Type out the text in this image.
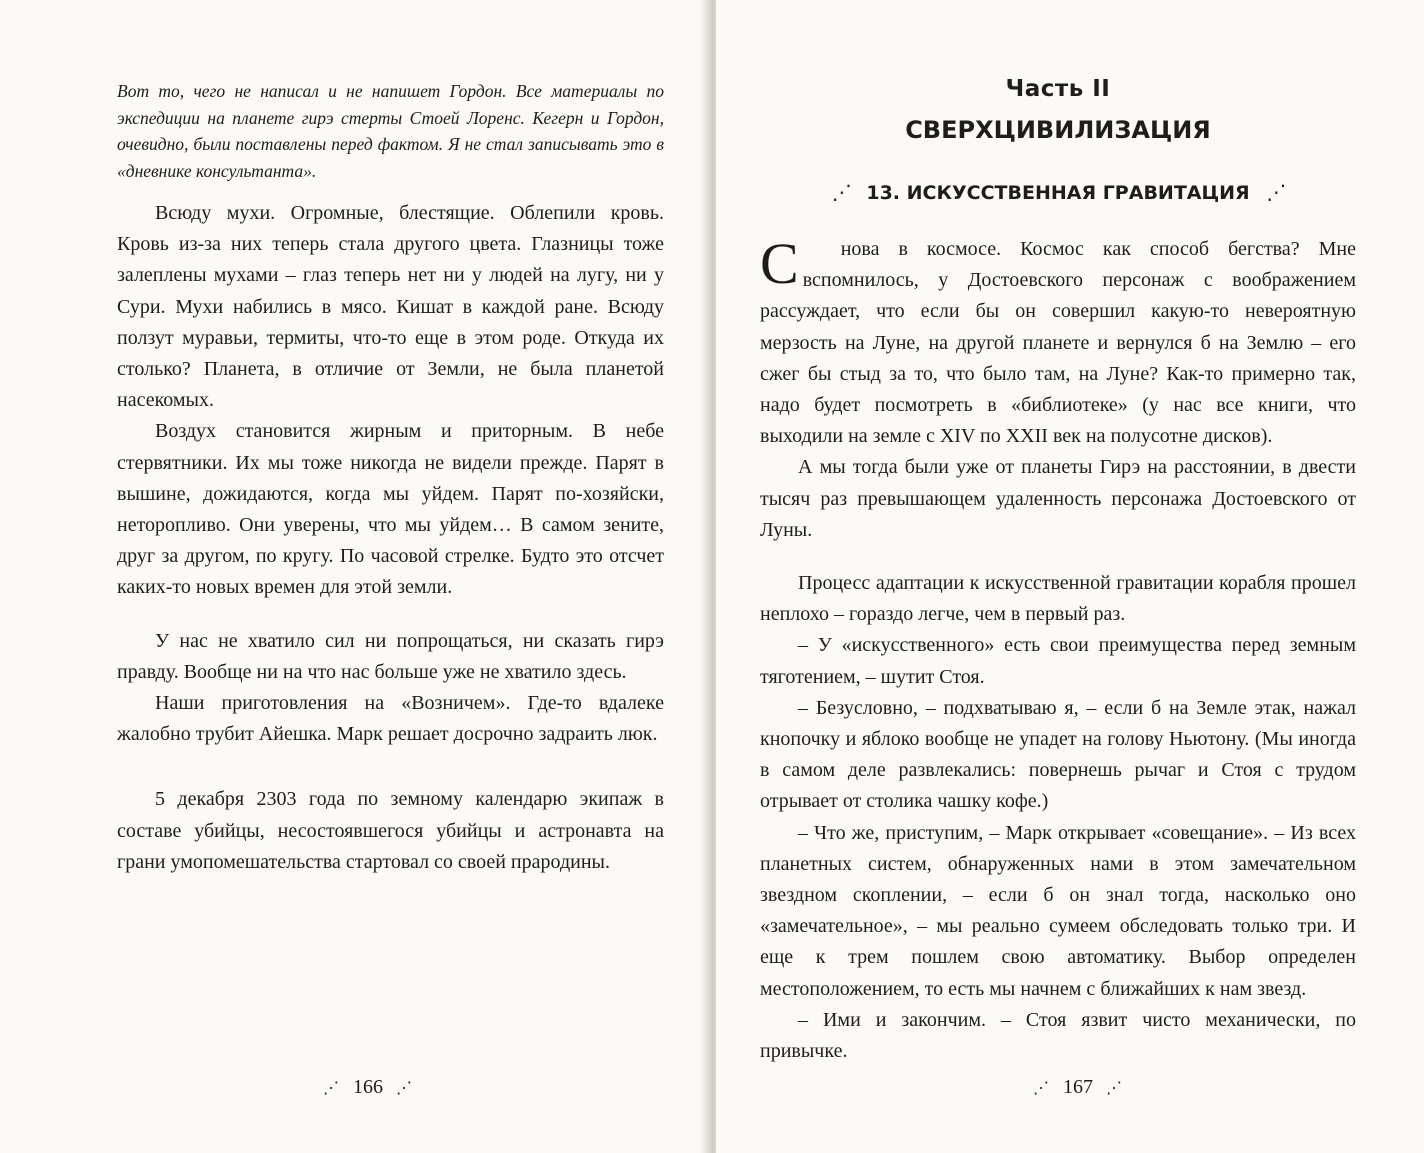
Вот то, чего не написал и не напишет Гордон. Все материалы по экспедиции на планете гирэ стерты Стоей Лоренс. Кегерн и Гордон, очевидно, были поставлены перед фактом. Я не стал записывать это в «дневнике консультанта».

Всюду мухи. Огромные, блестящие. Облепили кровь. Кровь из-за них теперь стала другого цвета. Глазницы тоже залеплены мухами – глаз теперь нет ни у людей на лугу, ни у Сури. Мухи набились в мясо. Кишат в каждой ране. Всюду ползут муравьи, термиты, что-то еще в этом роде. Откуда их столько? Планета, в отличие от Земли, не была планетой насекомых.

Воздух становится жирным и приторным. В небе стервятники. Их мы тоже никогда не видели прежде. Парят в вышине, дожидаются, когда мы уйдем. Парят по-хозяйски, неторопливо. Они уверены, что мы уйдем… В самом зените, друг за другом, по кругу. По часовой стрелке. Будто это отсчет каких-то новых времен для этой земли.

У нас не хватило сил ни попрощаться, ни сказать гирэ правду. Вообще ни на что нас больше уже не хватило здесь.

Наши приготовления на «Возничем». Где-то вдалеке жалобно трубит Айешка. Марк решает досрочно задраить люк.

5 декабря 2303 года по земному календарю экипаж в составе убийцы, несостоявшегося убийцы и астронавта на грани умопомешательства стартовал со своей прародины.

⋰ 166 ⋰
Часть II
СВЕРХЦИВИЛИЗАЦИЯ
⋰ 13. ИСКУССТВЕННАЯ ГРАВИТАЦИЯ ⋰

С нова в космосе. Космос как способ бегства? Мне вспомнилось, у Достоевского персонаж с воображением рассуждает, что если бы он совершил какую-то невероятную мерзость на Луне, на другой планете и вернулся б на Землю – его сжег бы стыд за то, что было там, на Луне? Как-то примерно так, надо будет посмотреть в «библиотеке» (у нас все книги, что выходили на земле с XIV по XXII век на полусотне дисков).

А мы тогда были уже от планеты Гирэ на расстоянии, в двести тысяч раз превышающем удаленность персонажа Достоевского от Луны.

Процесс адаптации к искусственной гравитации корабля прошел неплохо – гораздо легче, чем в первый раз.

– У «искусственного» есть свои преимущества перед земным тяготением, – шутит Стоя.

– Безусловно, – подхватываю я, – если б на Земле этак, нажал кнопочку и яблоко вообще не упадет на голову Ньютону. (Мы иногда в самом деле развлекались: повернешь рычаг и Стоя с трудом отрывает от столика чашку кофе.)

– Что же, приступим, – Марк открывает «совещание». – Из всех планетных систем, обнаруженных нами в этом замечательном звездном скоплении, – если б он знал тогда, насколько оно «замечательное», – мы реально сумеем обследовать только три. И еще к трем пошлем свою автоматику. Выбор определен местоположением, то есть мы начнем с ближайших к нам звезд.

– Ими и закончим. – Стоя язвит чисто механически, по привычке.

⋰ 167 ⋰
